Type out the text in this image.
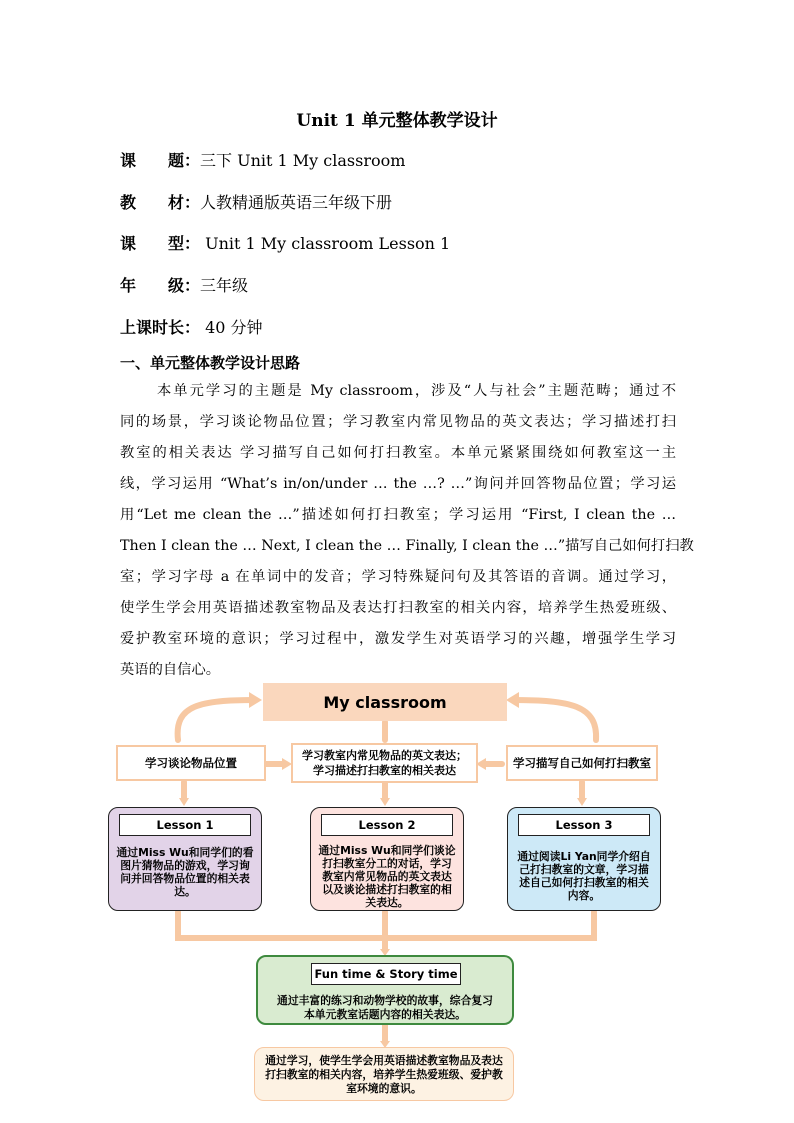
Unit 1 单元整体教学设计
课　　题：三下 Unit 1 My classroom
教　　材：人教精通版英语三年级下册
课　　型： Unit 1 My classroom Lesson 1
年　　级：三年级
上课时长： 40 分钟
一、单元整体教学设计思路
本单元学习的主题是 My classroom，涉及“人与社会”主题范畴；通过不
同的场景，学习谈论物品位置；学习教室内常见物品的英文表达；学习描述打扫
教室的相关表达 学习描写自己如何打扫教室。本单元紧紧围绕如何教室这一主
线，学习运用 “What’s in/on/under … the …? …”询问并回答物品位置；学习运
用“Let me clean the …”描述如何打扫教室；学习运用 “First, I clean the …
Then I clean the … Next, I clean the … Finally, I clean the …”描写自己如何打扫教
室；学习字母 a 在单词中的发音；学习特殊疑问句及其答语的音调。通过学习，
使学生学会用英语描述教室物品及表达打扫教室的相关内容，培养学生热爱班级、
爱护教室环境的意识；学习过程中，激发学生对英语学习的兴趣，增强学生学习
英语的自信心。
My classroom
学习谈论物品位置	学习教室内常见物品的英文表达；
学习描述打扫教室的相关表达
学习描写自己如何打扫教室
Lesson 1
通过Miss Wu和同学们的看图片猜物品的游戏，学习询问并回答物品位置的相关表达。
Lesson 2
通过Miss Wu和同学们谈论打扫教室分工的对话，学习教室内常见物品的英文表达以及谈论描述打扫教室的相关表达。
Lesson 3
通过阅读Li Yan同学介绍自己打扫教室的文章，学习描述自己如何打扫教室的相关内容。
Fun time & Story time
通过丰富的练习和动物学校的故事，综合复习本单元教室话题内容的相关表达。
通过学习，使学生学会用英语描述教室物品及表达打扫教室的相关内容，培养学生热爱班级、爱护教室环境的意识。
